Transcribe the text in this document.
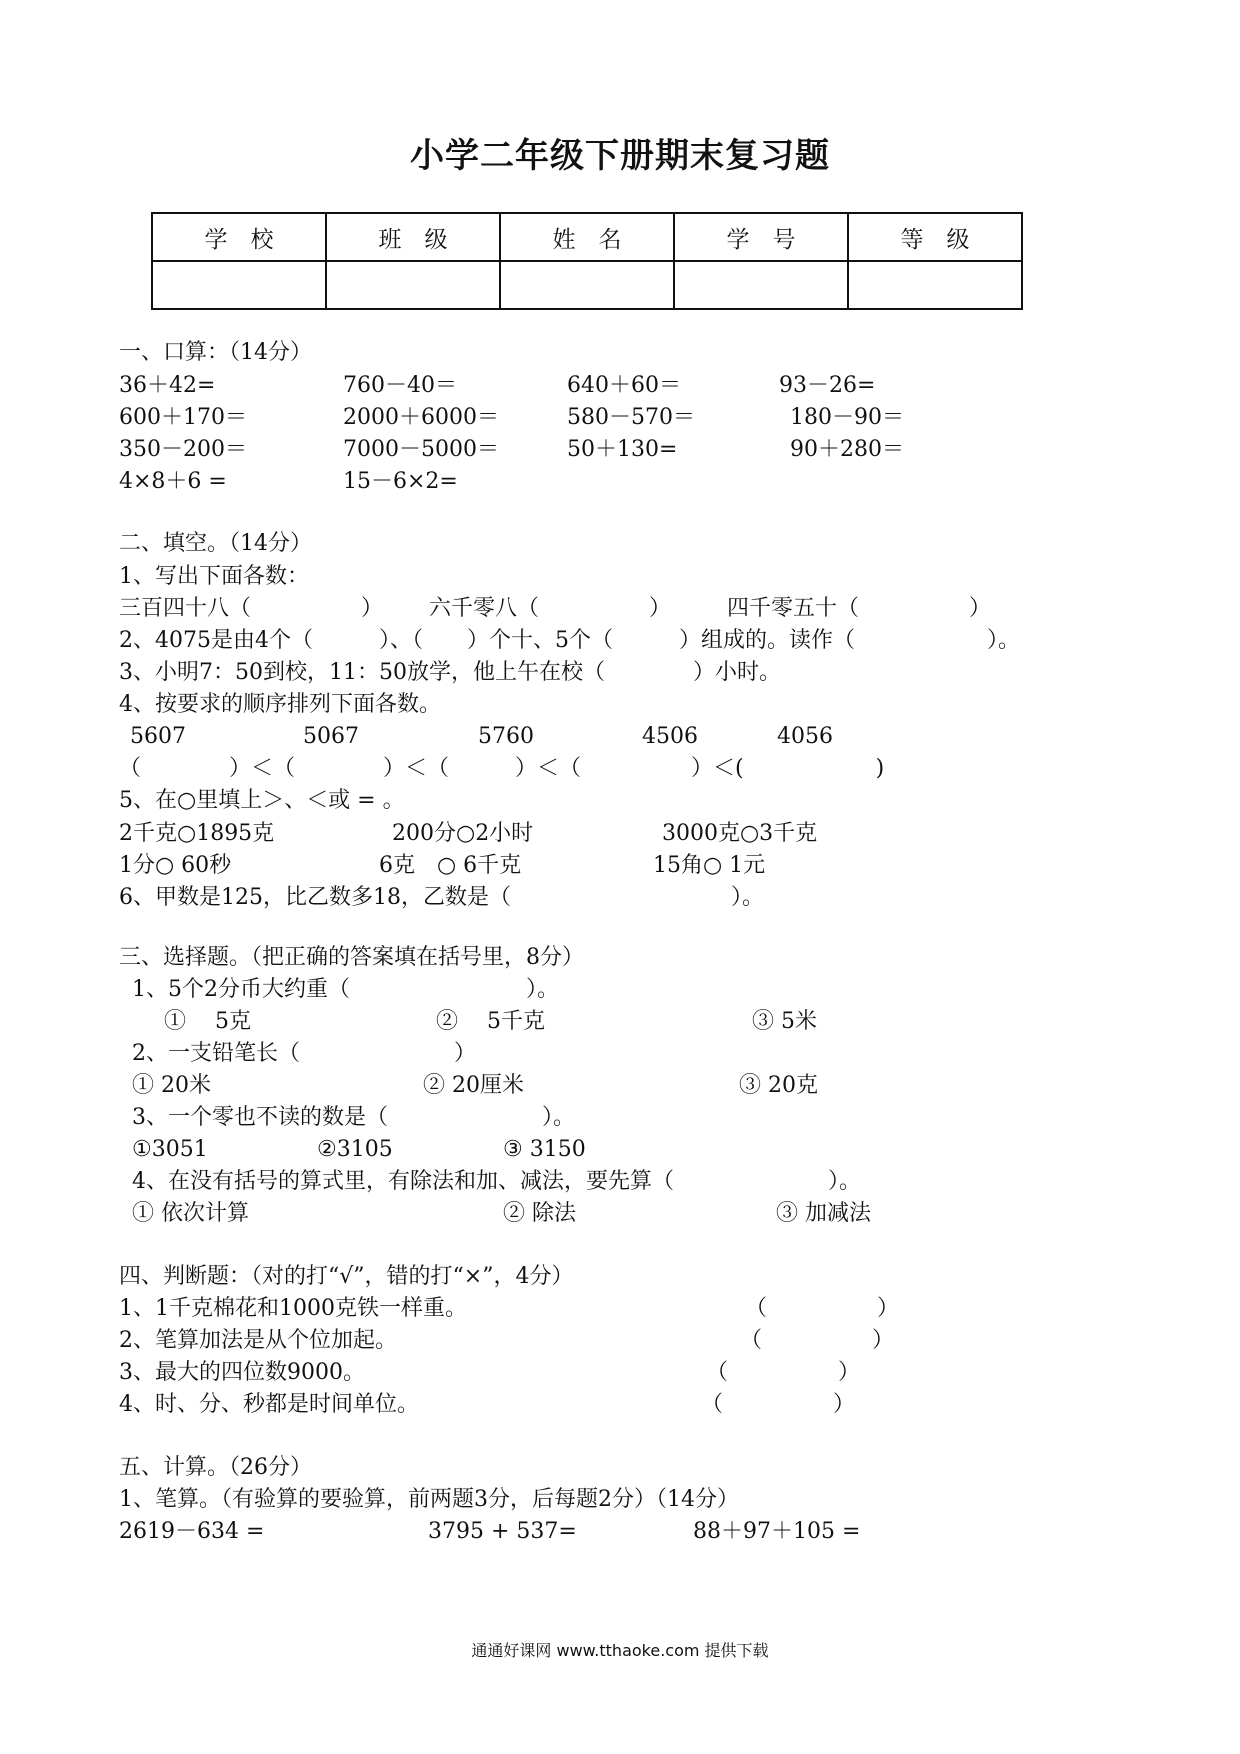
小学二年级下册期末复习题
学　校	班　级	姓　名	学　号	等　级

一、口算：（14分）
36＋42=	760－40＝	640＋60＝	93－26=
600＋170＝	2000＋6000＝	580－570＝	180－90＝
350－200＝	7000－5000＝	50＋130=	90＋280＝
4×8＋6 =	15－6×2=
二、填空。（14分）
1、写出下面各数：
三百四十八（　　　　　） 六千零八（　　　　　）	四千零五十（　　　　　）
2、4075是由4个（　　　）、（　　）个十、5个（　　　）组成的。读作（　　　　　　）。
3、小明7：50到校，11：50放学，他上午在校（　　　　）小时。
4、按要求的顺序排列下面各数。
5607	5067	5760	4506	4056
（　　　　）＜（　　　　）＜（　　　）＜（　　　　　）＜(　　　　　　)
5、在○里填上＞、＜或 = 。
2千克○1895克	200分○2小时	3000克○3千克
1分○ 60秒	6克　○ 6千克	15角○ 1元
6、甲数是125，比乙数多18，乙数是（　　　　　　　　　　）。
三、选择题。（把正确的答案填在括号里，8分）
1、5个2分币大约重（　　　　　　　　）。
①　 5克	②　 5千克	③ 5米
2、一支铅笔长（　　　　　　　）
① 20米	② 20厘米	③ 20克
3、一个零也不读的数是（　　　　　　　）。
①3051	②3105	③ 3150
4、在没有括号的算式里，有除法和加、减法，要先算（　　　　　　　）。
① 依次计算	② 除法	③ 加减法
四、判断题：（对的打“√”，错的打“×”，4分）
1、1千克棉花和1000克铁一样重。	（　　　　　）
2、笔算加法是从个位加起。	（　　　　　）
3、最大的四位数9000。	（　　　　　）
4、时、分、秒都是时间单位。	（　　　　　）
五、计算。（26分）
1、笔算。（有验算的要验算，前两题3分，后每题2分）（14分）
2619－634 =	3795 + 537=	88＋97＋105 =
通通好课网 www.tthaoke.com 提供下载
